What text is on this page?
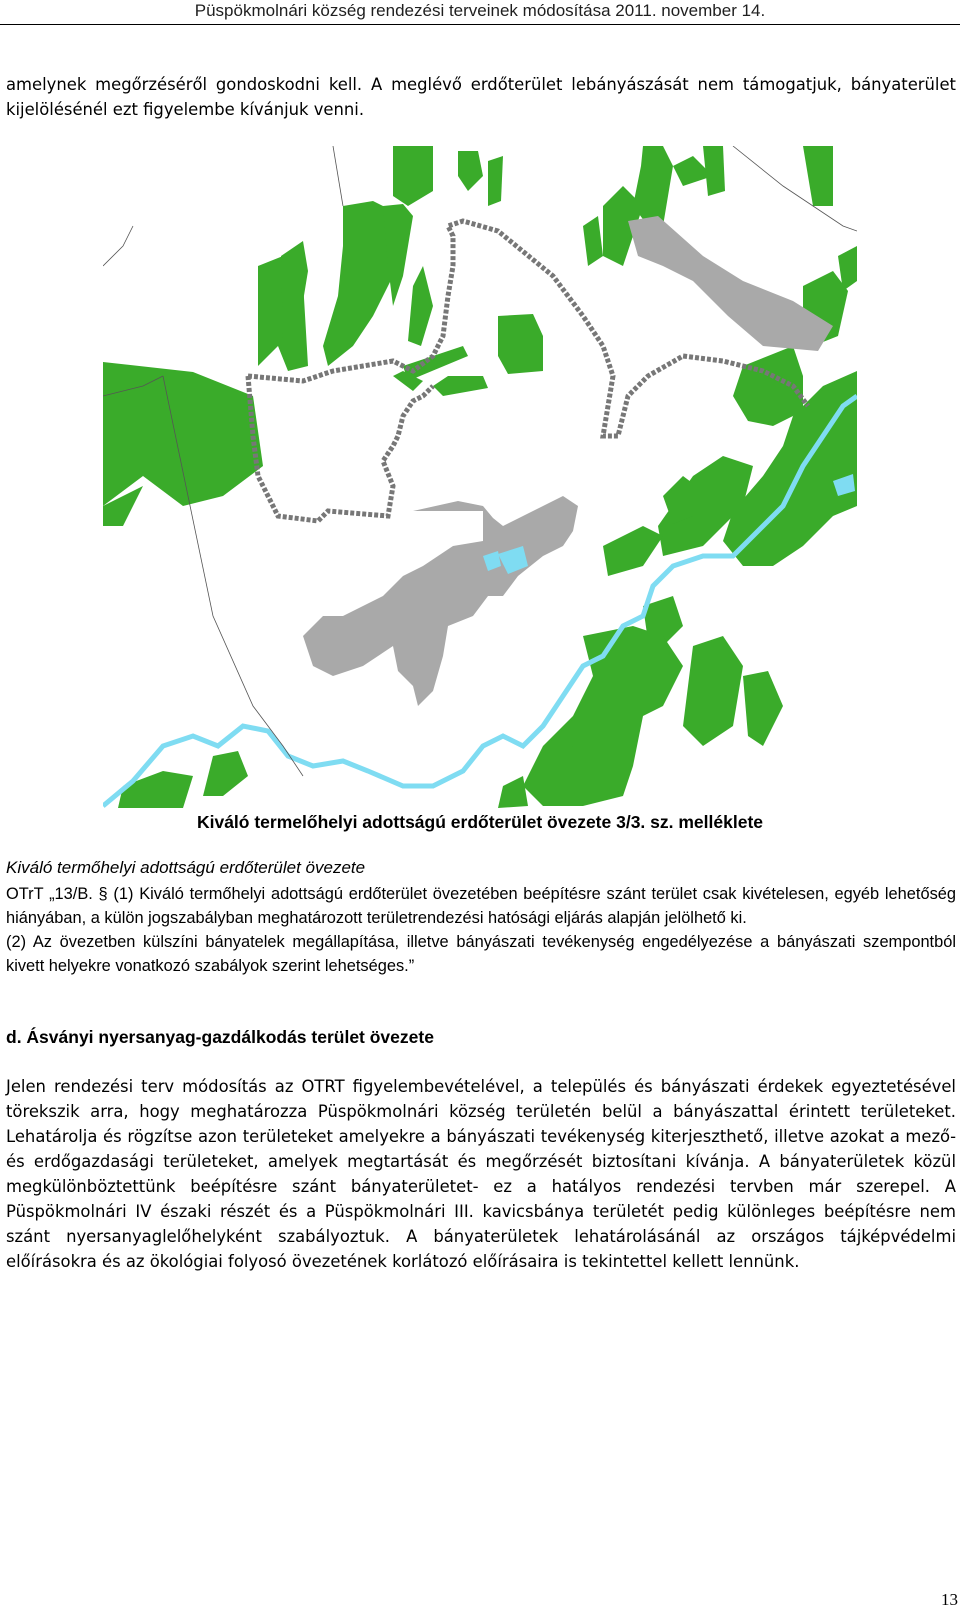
Püspökmolnári község rendezési terveinek módosítása 2011. november 14.
amelynek megőrzéséről gondoskodni kell. A meglévő erdőterület lebányászását nem támogatjuk, bányaterület kijelölésénél ezt figyelembe kívánjuk venni.
Kiváló termelőhelyi adottságú erdőterület övezete 3/3. sz. melléklete
Kiváló termőhelyi adottságú erdőterület övezete

OTrT „13/B. § (1) Kiváló termőhelyi adottságú erdőterület övezetében beépítésre szánt terület csak kivételesen, egyéb lehetőség hiányában, a külön jogszabályban meghatározott területrendezési hatósági eljárás alapján jelölhető ki.

(2) Az övezetben külszíni bányatelek megállapítása, illetve bányászati tevékenység engedélyezése a bányászati szempontból kivett helyekre vonatkozó szabályok szerint lehetséges.”

d. Ásványi nyersanyag-gazdálkodás terület övezete
Jelen rendezési terv módosítás az OTRT figyelembevételével, a település és bányászati érdekek egyeztetésével törekszik arra, hogy meghatározza Püspökmolnári község területén belül a bányászattal érintett területeket. Lehatárolja és rögzítse azon területeket amelyekre a bányászati tevékenység kiterjeszthető, illetve azokat a mező- és erdőgazdasági területeket, amelyek megtartását és megőrzését biztosítani kívánja. A bányaterületek közül megkülönböztettünk beépítésre szánt bányaterületet- ez a hatályos rendezési tervben már szerepel. A Püspökmolnári IV északi részét és a Püspökmolnári III. kavicsbánya területét pedig különleges beépítésre nem szánt nyersanyaglelőhelyként szabályoztuk. A bányaterületek lehatárolásánál az országos tájképvédelmi előírásokra és az ökológiai folyosó övezetének korlátozó előírásaira is tekintettel kellett lennünk.
13
